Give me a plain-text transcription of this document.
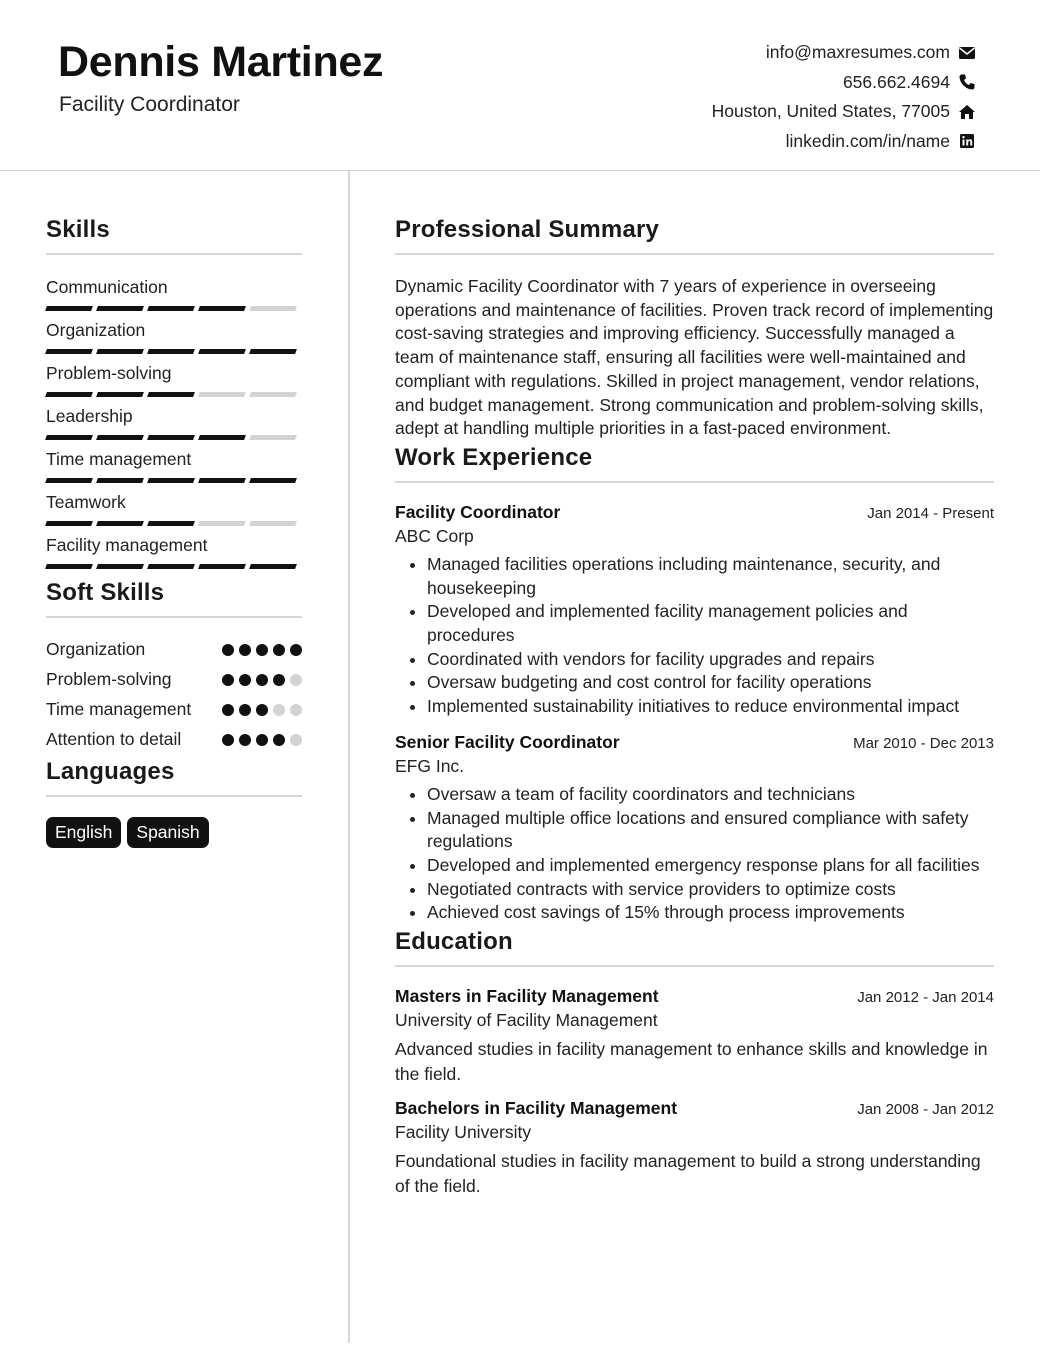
Dennis Martinez
Facility Coordinator
info@maxresumes.com
656.662.4694
Houston, United States, 77005
linkedin.com/in/name
Skills
Communication
Organization
Problem-solving
Leadership
Time management
Teamwork
Facility management
Soft Skills
Organization
Problem-solving
Time management
Attention to detail
Languages
English	Spanish
Professional Summary
Dynamic Facility Coordinator with 7 years of experience in overseeing operations and maintenance of facilities. Proven track record of implementing cost-saving strategies and improving efficiency. Successfully managed a team of maintenance staff, ensuring all facilities were well-maintained and compliant with regulations. Skilled in project management, vendor relations, and budget management. Strong communication and problem-solving skills, adept at handling multiple priorities in a fast-paced environment.
Work Experience
Facility Coordinator	Jan 2014 - Present
ABC Corp
• Managed facilities operations including maintenance, security, and housekeeping
• Developed and implemented facility management policies and procedures
• Coordinated with vendors for facility upgrades and repairs
• Oversaw budgeting and cost control for facility operations
• Implemented sustainability initiatives to reduce environmental impact
Senior Facility Coordinator	Mar 2010 - Dec 2013
EFG Inc.
• Oversaw a team of facility coordinators and technicians
• Managed multiple office locations and ensured compliance with safety regulations
• Developed and implemented emergency response plans for all facilities
• Negotiated contracts with service providers to optimize costs
• Achieved cost savings of 15% through process improvements
Education
Masters in Facility Management	Jan 2012 - Jan 2014
University of Facility Management
Advanced studies in facility management to enhance skills and knowledge in the field.
Bachelors in Facility Management	Jan 2008 - Jan 2012
Facility University
Foundational studies in facility management to build a strong understanding of the field.
